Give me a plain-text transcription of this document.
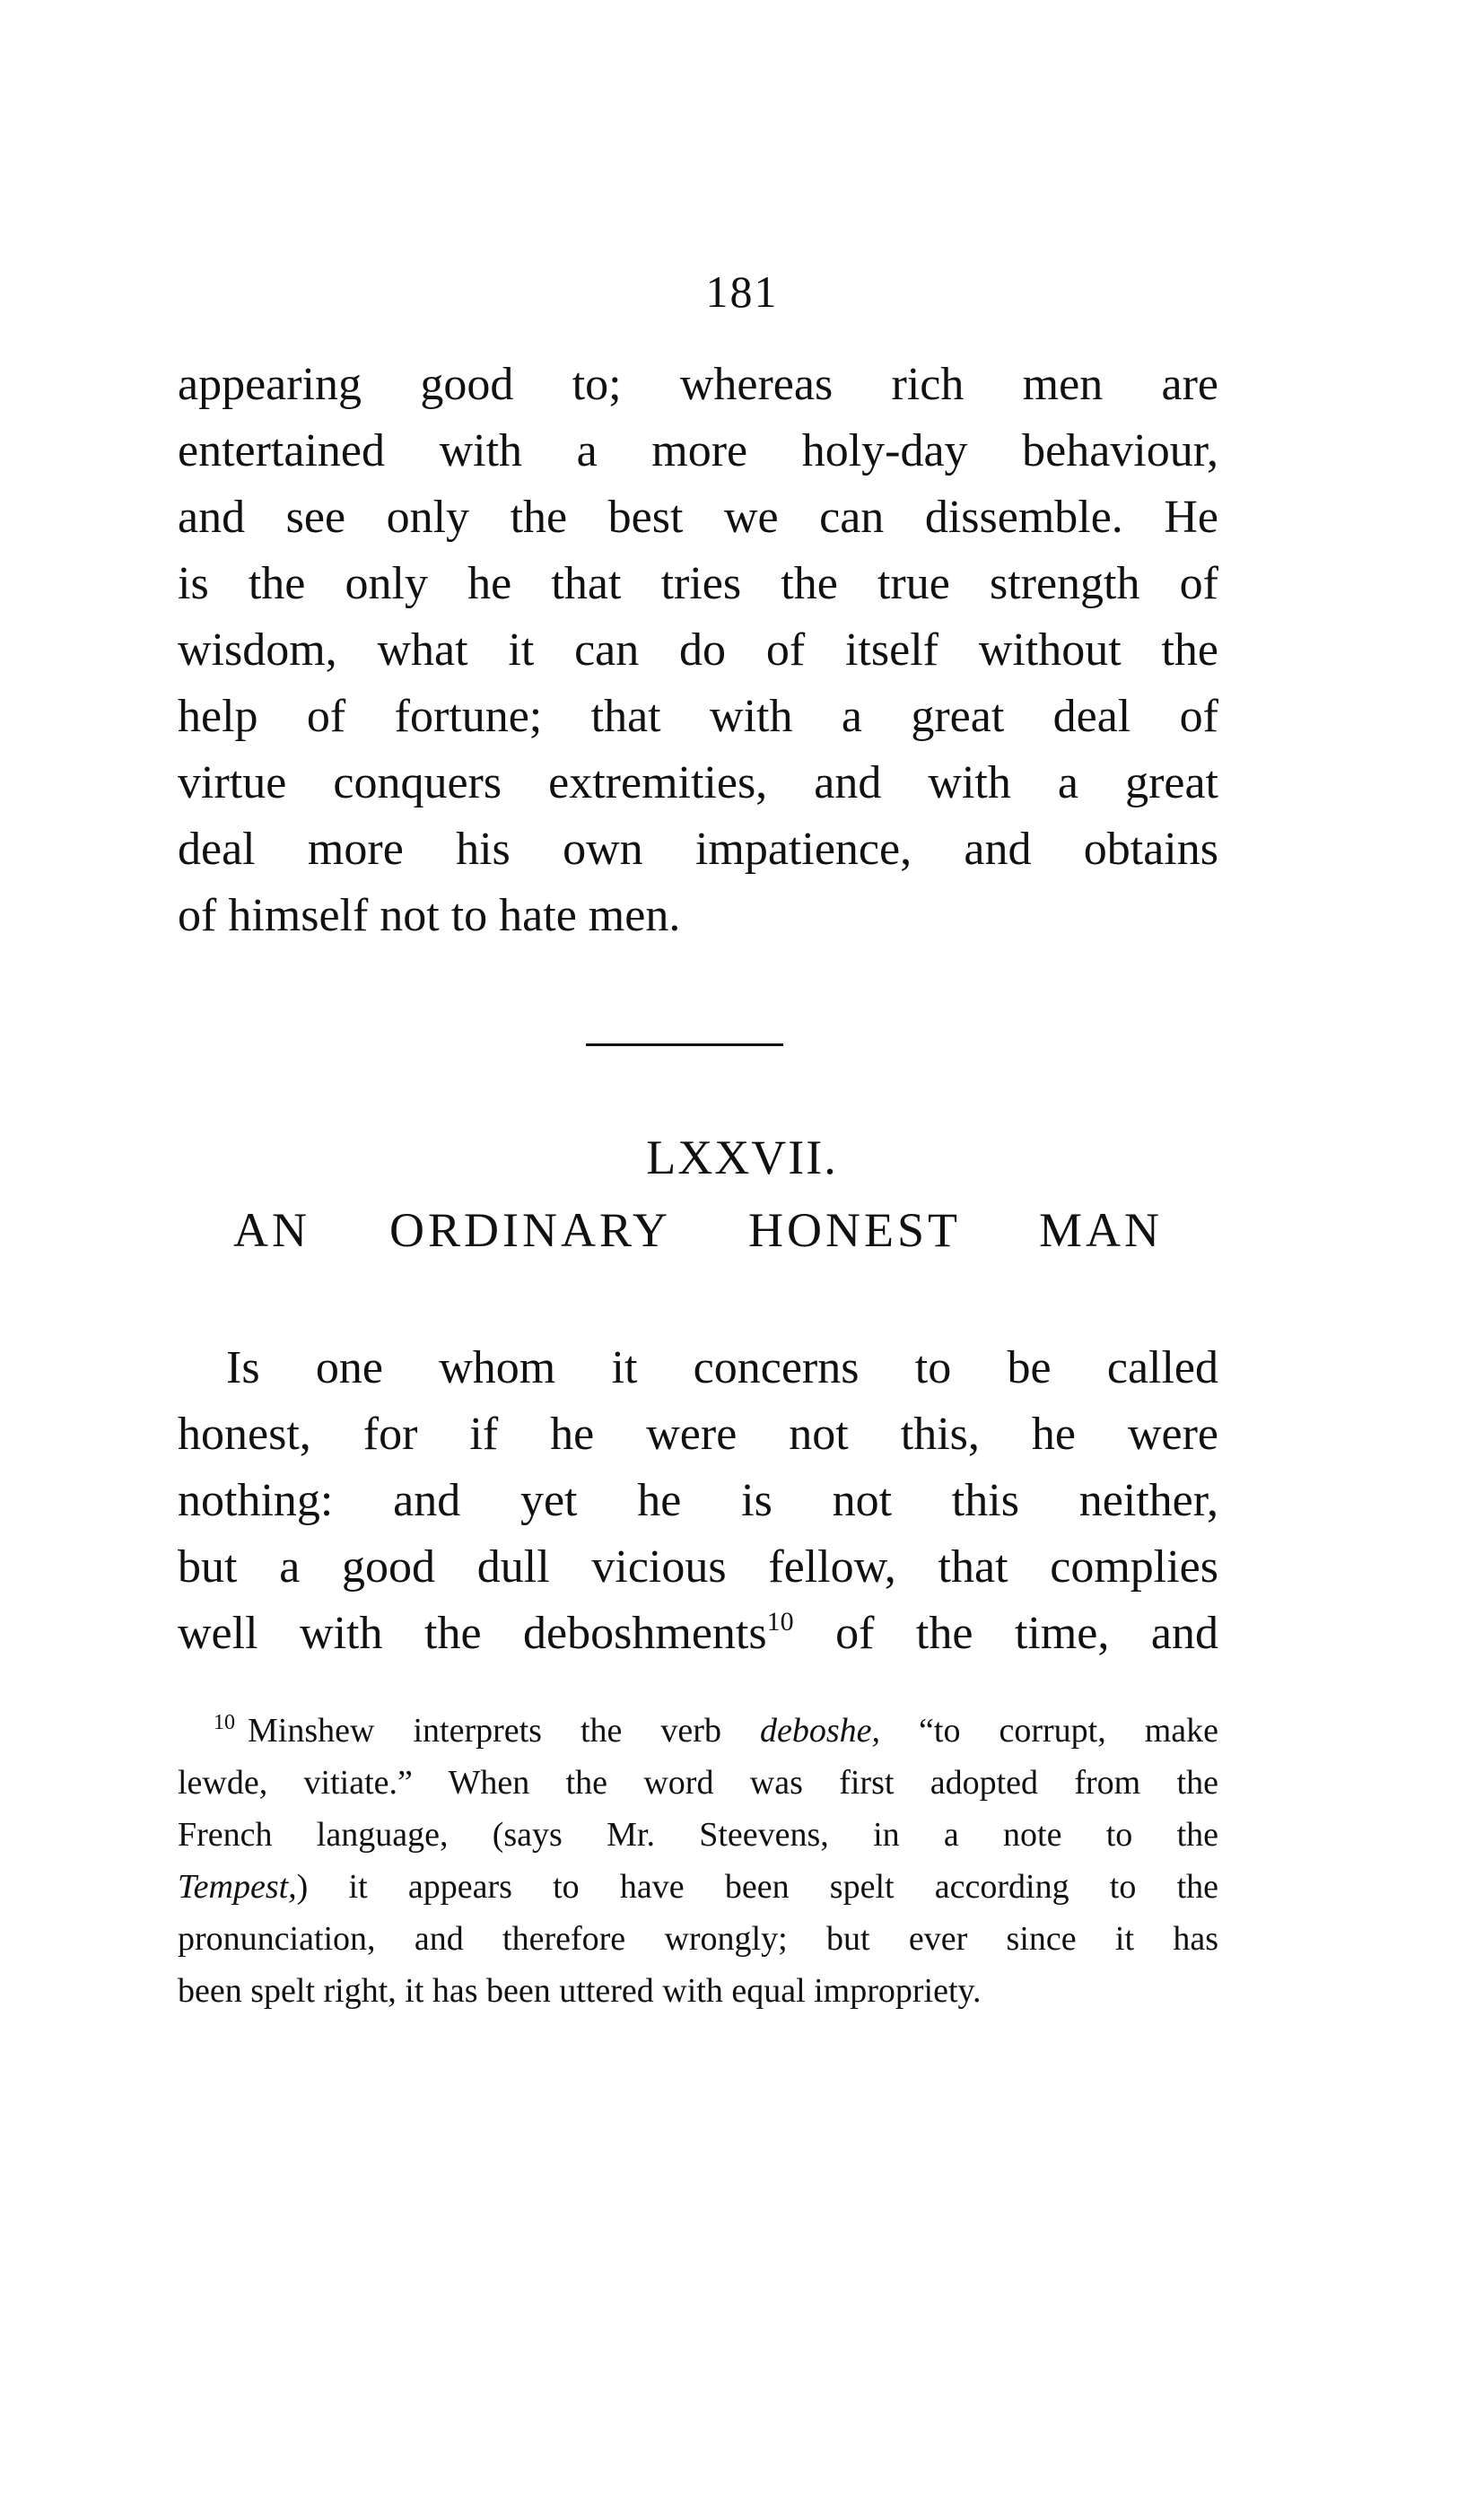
181
appearing good to; whereas rich men are
entertained with a more holy-day behaviour,
and see only the best we can dissemble. He
is the only he that tries the true strength of
wisdom, what it can do of itself without the
help of fortune; that with a great deal of
virtue conquers extremities, and with a great
deal more his own impatience, and obtains
of himself not to hate men.
LXXVII.
AN ORDINARY HONEST MAN
Is one whom it concerns to be called
honest, for if he were not this, he were
nothing: and yet he is not this neither,
but a good dull vicious fellow, that complies
well with the deboshments$^{10}$ of the time, and
$^{10}$ Minshew interprets the verb deboshe, “to corrupt, make
lewde, vitiate.” When the word was first adopted from the
French language, (says Mr. Steevens, in a note to the
Tempest,) it appears to have been spelt according to the
pronunciation, and therefore wrongly; but ever since it has
been spelt right, it has been uttered with equal impropriety.
